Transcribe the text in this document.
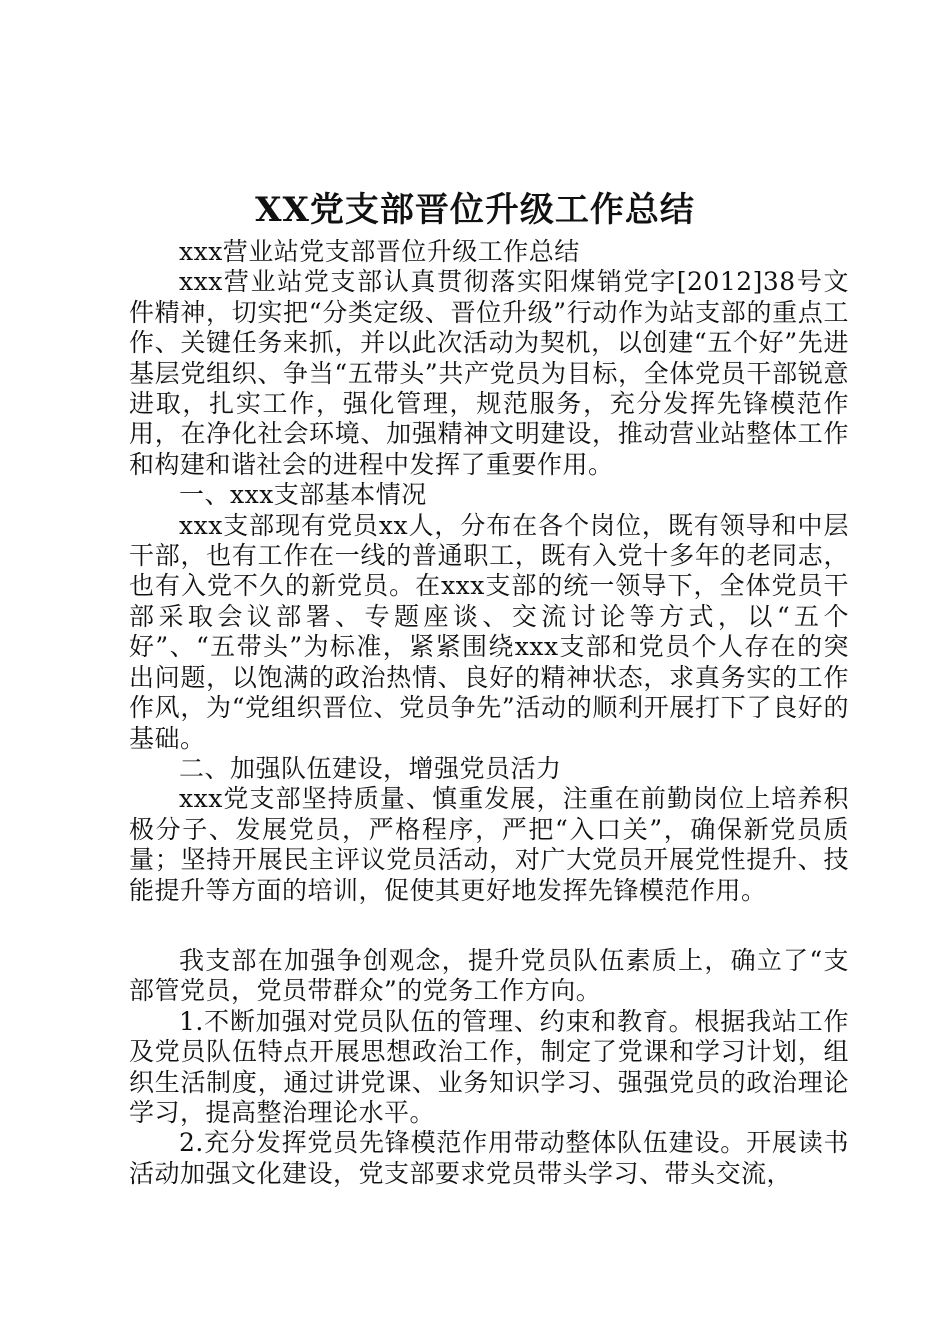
XX党支部晋位升级工作总结

xxx营业站党支部晋位升级工作总结

xxx营业站党支部认真贯彻落实阳煤销党字[2012]38号文件精神，切实把“分类定级、晋位升级”行动作为站支部的重点工作、关键任务来抓，并以此次活动为契机，以创建“五个好”先进基层党组织、争当“五带头”共产党员为目标，全体党员干部锐意进取，扎实工作，强化管理，规范服务，充分发挥先锋模范作用，在净化社会环境、加强精神文明建设，推动营业站整体工作和构建和谐社会的进程中发挥了重要作用。

一、xxx支部基本情况

xxx支部现有党员xx人，分布在各个岗位，既有领导和中层干部，也有工作在一线的普通职工，既有入党十多年的老同志，也有入党不久的新党员。在xxx支部的统一领导下，全体党员干部采取会议部署、专题座谈、交流讨论等方式，以“五个好”、“五带头”为标准，紧紧围绕xxx支部和党员个人存在的突出问题，以饱满的政治热情、良好的精神状态，求真务实的工作作风，为“党组织晋位、党员争先”活动的顺利开展打下了良好的基础。

二、加强队伍建设，增强党员活力

xxx党支部坚持质量、慎重发展，注重在前勤岗位上培养积极分子、发展党员，严格程序，严把“入口关”，确保新党员质量；坚持开展民主评议党员活动，对广大党员开展党性提升、技能提升等方面的培训，促使其更好地发挥先锋模范作用。

我支部在加强争创观念，提升党员队伍素质上，确立了“支部管党员，党员带群众”的党务工作方向。

1.不断加强对党员队伍的管理、约束和教育。根据我站工作及党员队伍特点开展思想政治工作，制定了党课和学习计划，组织生活制度，通过讲党课、业务知识学习、强强党员的政治理论学习，提高整治理论水平。

2.充分发挥党员先锋模范作用带动整体队伍建设。开展读书活动加强文化建设，党支部要求党员带头学习、带头交流，
